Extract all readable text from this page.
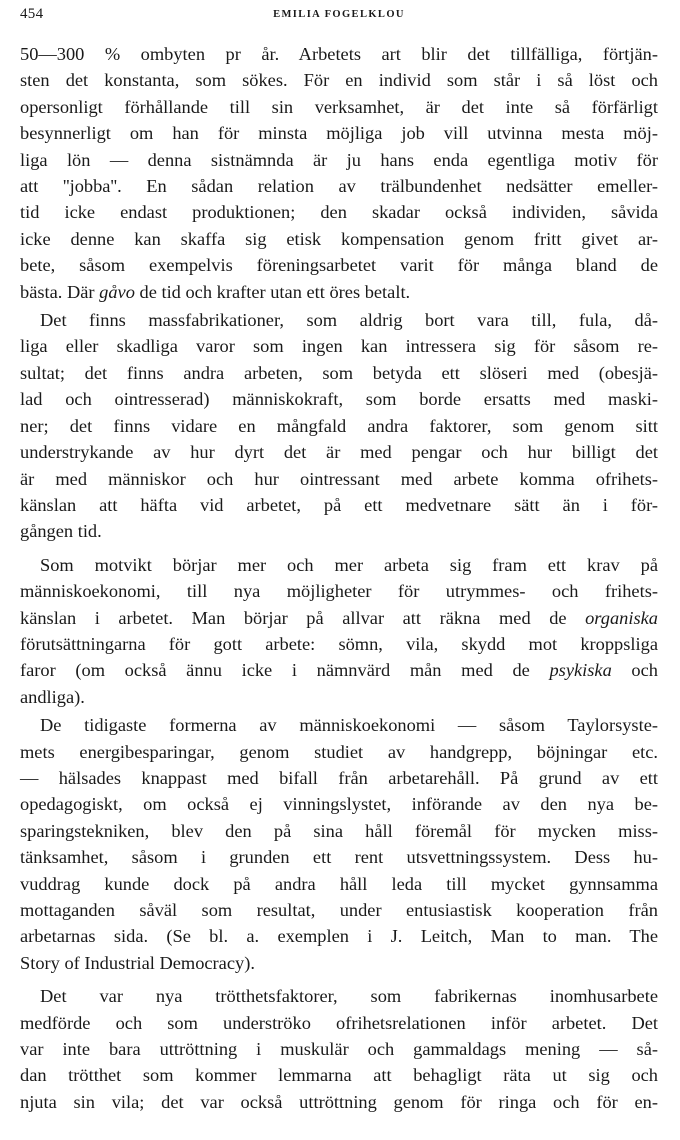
454	EMILIA FOGELKLOU

50—300 % ombyten pr år. Arbetets art blir det tillfälliga, förtjän-
sten det konstanta, som sökes. För en individ som står i så löst och
opersonligt förhållande till sin verksamhet, är det inte så förfärligt
besynnerligt om han för minsta möjliga job vill utvinna mesta möj-
liga lön — denna sistnämnda är ju hans enda egentliga motiv för
att ''jobba''. En sådan relation av trälbundenhet nedsätter emeller-
tid icke endast produktionen; den skadar också individen, såvida
icke denne kan skaffa sig etisk kompensation genom fritt givet ar-
bete, såsom exempelvis föreningsarbetet varit för många bland de
bästa. Där gåvo de tid och krafter utan ett öres betalt.

Det finns massfabrikationer, som aldrig bort vara till, fula, då-
liga eller skadliga varor som ingen kan intressera sig för såsom re-
sultat; det finns andra arbeten, som betyda ett slöseri med (obesjä-
lad och ointresserad) människokraft, som borde ersatts med maski-
ner; det finns vidare en mångfald andra faktorer, som genom sitt
understrykande av hur dyrt det är med pengar och hur billigt det
är med människor och hur ointressant med arbete komma ofrihets-
känslan att häfta vid arbetet, på ett medvetnare sätt än i för-
gången tid.

Som motvikt börjar mer och mer arbeta sig fram ett krav på
människoekonomi, till nya möjligheter för utrymmes- och frihets-
känslan i arbetet. Man börjar på allvar att räkna med de organiska
förutsättningarna för gott arbete: sömn, vila, skydd mot kroppsliga
faror (om också ännu icke i nämnvärd mån med de psykiska och
andliga).

De tidigaste formerna av människoekonomi — såsom Taylorsyste-
mets energibesparingar, genom studiet av handgrepp, böjningar etc.
— hälsades knappast med bifall från arbetarehåll. På grund av ett
opedagogiskt, om också ej vinningslystet, införande av den nya be-
sparingstekniken, blev den på sina håll föremål för mycken miss-
tänksamhet, såsom i grunden ett rent utsvettningssystem. Dess hu-
vuddrag kunde dock på andra håll leda till mycket gynnsamma
mottaganden såväl som resultat, under entusiastisk kooperation från
arbetarnas sida. (Se bl. a. exemplen i J. Leitch, Man to man. The
Story of Industrial Democracy).

Det var nya trötthetsfaktorer, som fabrikernas inomhusarbete
medförde och som underströko ofrihetsrelationen inför arbetet. Det
var inte bara uttröttning i muskulär och gammaldags mening — så-
dan trötthet som kommer lemmarna att behagligt räta ut sig och
njuta sin vila; det var också uttröttning genom för ringa och för en-
